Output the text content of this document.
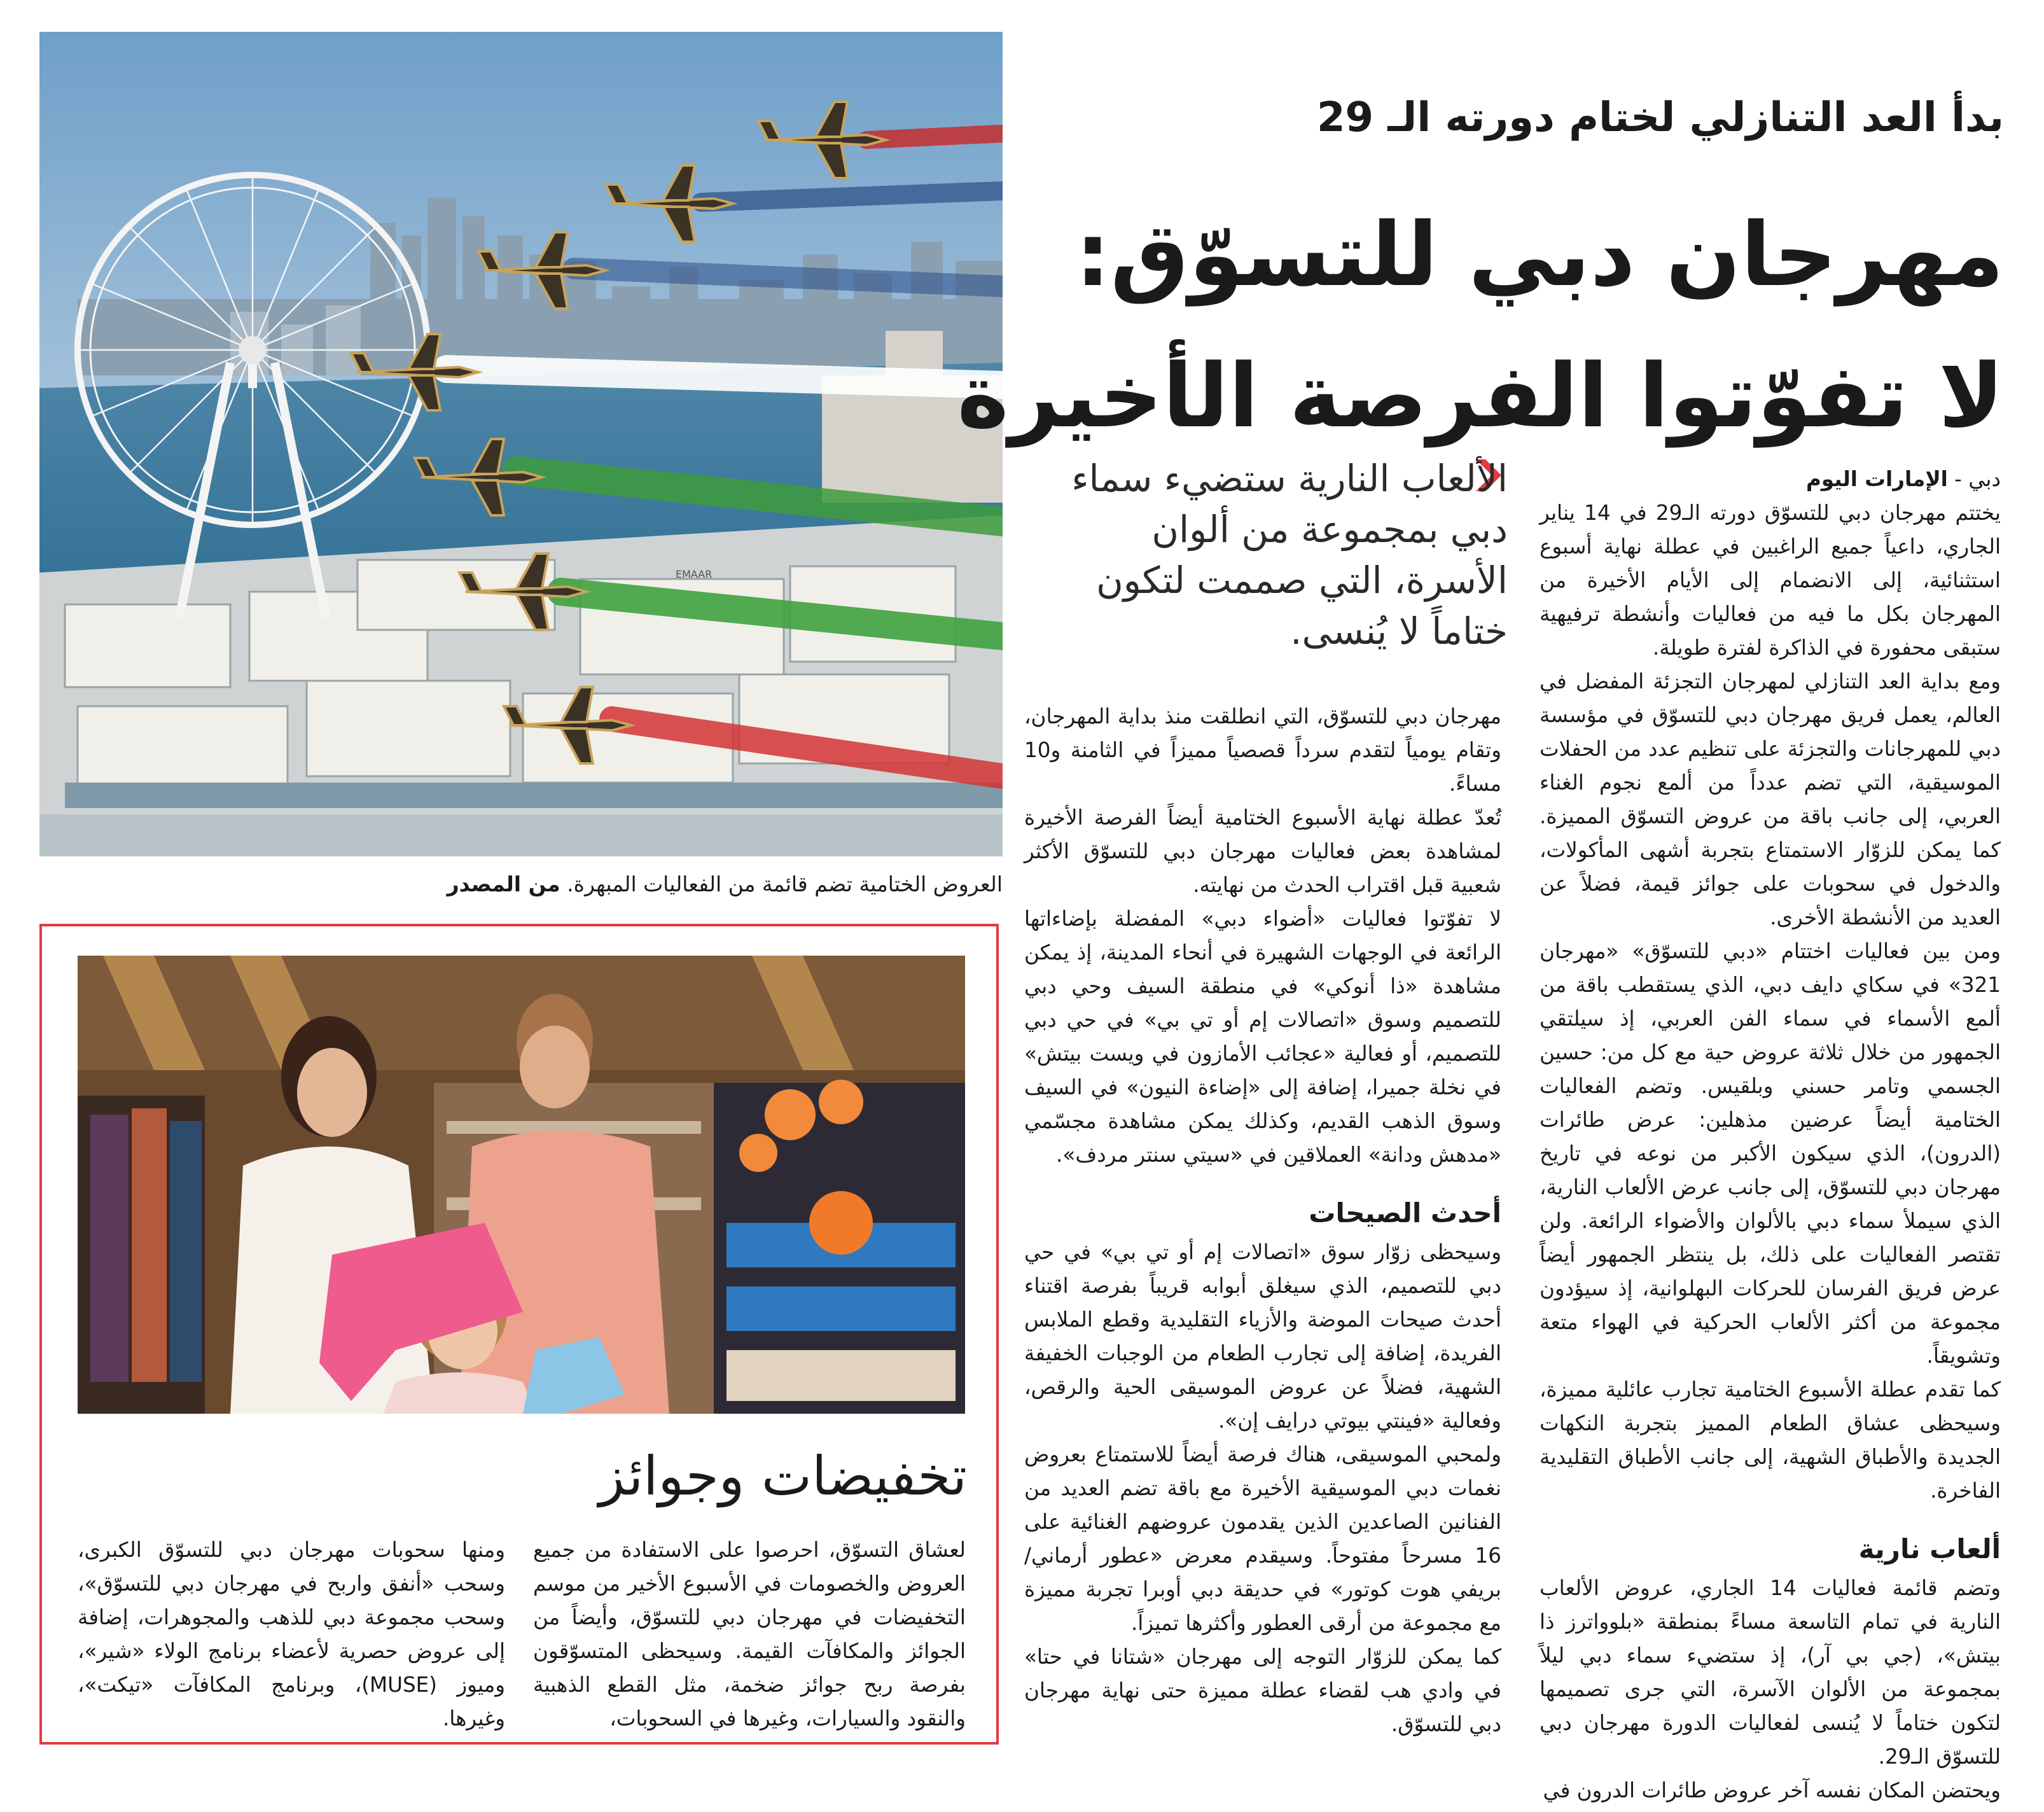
EMAAR
العروض الختامية تضم قائمة من الفعاليات المبهرة. من المصدر
بدأ العد التنازلي لختام دورته الـ 29
مهرجان دبي للتسوّق:
لا تفوّتوا الفرصة الأخيرة
الألعاب النارية ستضيء سماء دبي بمجموعة من ألوان الأسرة، التي صممت لتكون ختاماً لا يُنسى.

دبي - الإمارات اليوم

يختتم مهرجان دبي للتسوّق دورته الـ29 في 14 يناير الجاري، داعياً جميع الراغبين في عطلة نهاية أسبوع استثنائية، إلى الانضمام إلى الأيام الأخيرة من المهرجان بكل ما فيه من فعاليات وأنشطة ترفيهية ستبقى محفورة في الذاكرة لفترة طويلة.

ومع بداية العد التنازلي لمهرجان التجزئة المفضل في العالم، يعمل فريق مهرجان دبي للتسوّق في مؤسسة دبي للمهرجانات والتجزئة على تنظيم عدد من الحفلات الموسيقية، التي تضم عدداً من ألمع نجوم الغناء العربي، إلى جانب باقة من عروض التسوّق المميزة. كما يمكن للزوّار الاستمتاع بتجربة أشهى المأكولات، والدخول في سحوبات على جوائز قيمة، فضلاً عن العديد من الأنشطة الأخرى.

ومن بين فعاليات اختتام «دبي للتسوّق» «مهرجان 321» في سكاي دايف دبي، الذي يستقطب باقة من ألمع الأسماء في سماء الفن العربي، إذ سيلتقي الجمهور من خلال ثلاثة عروض حية مع كل من: حسين الجسمي وتامر حسني وبلقيس. وتضم الفعاليات الختامية أيضاً عرضين مذهلين: عرض طائرات (الدرون)، الذي سيكون الأكبر من نوعه في تاريخ مهرجان دبي للتسوّق، إلى جانب عرض الألعاب النارية، الذي سيملأ سماء دبي بالألوان والأضواء الرائعة. ولن تقتصر الفعاليات على ذلك، بل ينتظر الجمهور أيضاً عرض فريق الفرسان للحركات البهلوانية، إذ سيؤدون مجموعة من أكثر الألعاب الحركية في الهواء متعة وتشويقاً.

كما تقدم عطلة الأسبوع الختامية تجارب عائلية مميزة، وسيحظى عشاق الطعام المميز بتجربة النكهات الجديدة والأطباق الشهية، إلى جانب الأطباق التقليدية الفاخرة.

ألعاب نارية

وتضم قائمة فعاليات 14 الجاري، عروض الألعاب النارية في تمام التاسعة مساءً بمنطقة «بلوواترز ذا بيتش»، (جي بي آر)، إذ ستضيء سماء دبي ليلاً بمجموعة من الألوان الآسرة، التي جرى تصميمها لتكون ختاماً لا يُنسى لفعاليات الدورة مهرجان دبي للتسوّق الـ29.

ويحتضن المكان نفسه آخر عروض طائرات الدرون في

مهرجان دبي للتسوّق، التي انطلقت منذ بداية المهرجان، وتقام يومياً لتقدم سرداً قصصياً مميزاً في الثامنة و10 مساءً.

تُعدّ عطلة نهاية الأسبوع الختامية أيضاً الفرصة الأخيرة لمشاهدة بعض فعاليات مهرجان دبي للتسوّق الأكثر شعبية قبل اقتراب الحدث من نهايته.

لا تفوّتوا فعاليات «أضواء دبي» المفضلة بإضاءاتها الرائعة في الوجهات الشهيرة في أنحاء المدينة، إذ يمكن مشاهدة «ذا أنوكي» في منطقة السيف وحي دبي للتصميم وسوق «اتصالات إم أو تي بي» في حي دبي للتصميم، أو فعالية «عجائب الأمازون في ويست بيتش» في نخلة جميرا، إضافة إلى «إضاءة النيون» في السيف وسوق الذهب القديم، وكذلك يمكن مشاهدة مجسّمي «مدهش ودانة» العملاقين في «سيتي سنتر مردف».

أحدث الصيحات

وسيحظى زوّار سوق «اتصالات إم أو تي بي» في حي دبي للتصميم، الذي سيغلق أبوابه قريباً بفرصة اقتناء أحدث صيحات الموضة والأزياء التقليدية وقطع الملابس الفريدة، إضافة إلى تجارب الطعام من الوجبات الخفيفة الشهية، فضلاً عن عروض الموسيقى الحية والرقص، وفعالية «فينتي بيوتي درايف إن».

ولمحبي الموسيقى، هناك فرصة أيضاً للاستمتاع بعروض نغمات دبي الموسيقية الأخيرة مع باقة تضم العديد من الفنانين الصاعدين الذين يقدمون عروضهم الغنائية على 16 مسرحاً مفتوحاً. وسيقدم معرض «عطور أرماني/بريفي هوت كوتور» في حديقة دبي أوبرا تجربة مميزة مع مجموعة من أرقى العطور وأكثرها تميزاً.

كما يمكن للزوّار التوجه إلى مهرجان «شتانا في حتا» في وادي هب لقضاء عطلة مميزة حتى نهاية مهرجان دبي للتسوّق.

تخفيضات وجوائز
لعشاق التسوّق، احرصوا على الاستفادة من جميع العروض والخصومات في الأسبوع الأخير من موسم التخفيضات في مهرجان دبي للتسوّق، وأيضاً من الجوائز والمكافآت القيمة. وسيحظى المتسوّقون بفرصة ربح جوائز ضخمة، مثل القطع الذهبية والنقود والسيارات، وغيرها في السحوبات،
ومنها سحوبات مهرجان دبي للتسوّق الكبرى، وسحب «أنفق واربح في مهرجان دبي للتسوّق»، وسحب مجموعة دبي للذهب والمجوهرات، إضافة إلى عروض حصرية لأعضاء برنامج الولاء «شير»، وميوز (MUSE)، وبرنامج المكافآت «تيكت»، وغيرها.
